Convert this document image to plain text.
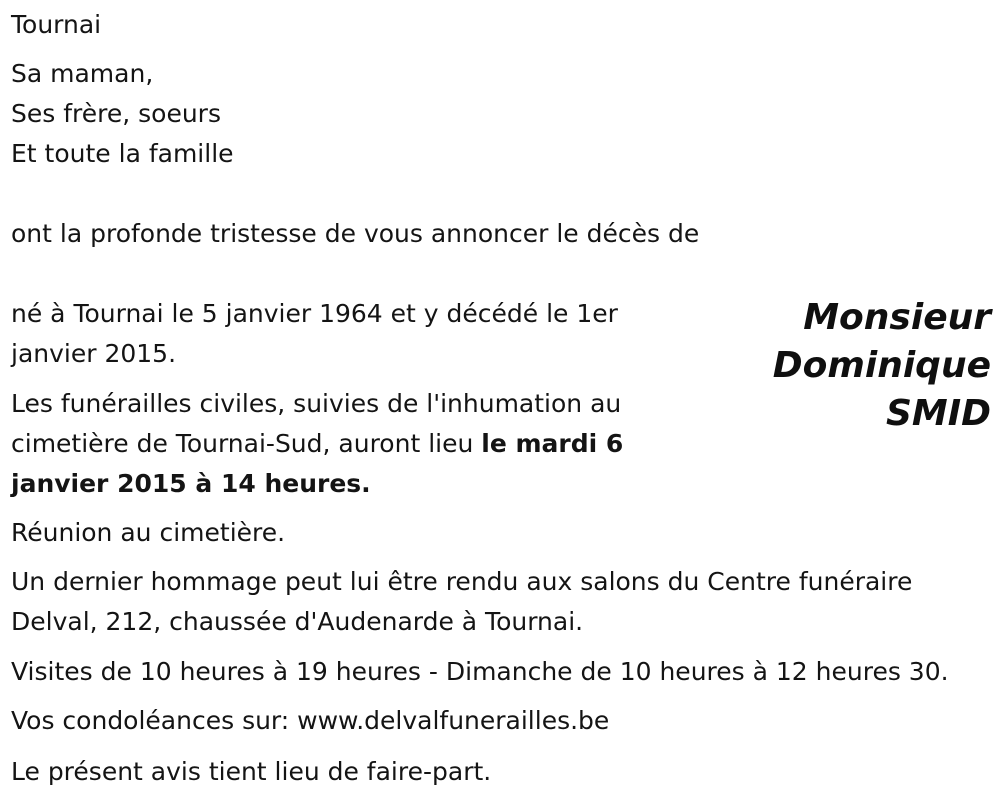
Tournai
Sa maman,
Ses frère, soeurs
Et toute la famille
ont la profonde tristesse de vous annoncer le décès de
Monsieur
Dominique
SMID
né à Tournai le 5 janvier 1964 et y décédé le 1er janvier 2015.
Les funérailles civiles, suivies de l'inhumation au cimetière de Tournai-Sud, auront lieu le mardi 6 janvier 2015 à 14 heures.
Réunion au cimetière.
Un dernier hommage peut lui être rendu aux salons du Centre funéraire Delval, 212, chaussée d'Audenarde à Tournai.
Visites de 10 heures à 19 heures - Dimanche de 10 heures à 12 heures 30.
Vos condoléances sur: www.delvalfunerailles.be
Le présent avis tient lieu de faire-part.
